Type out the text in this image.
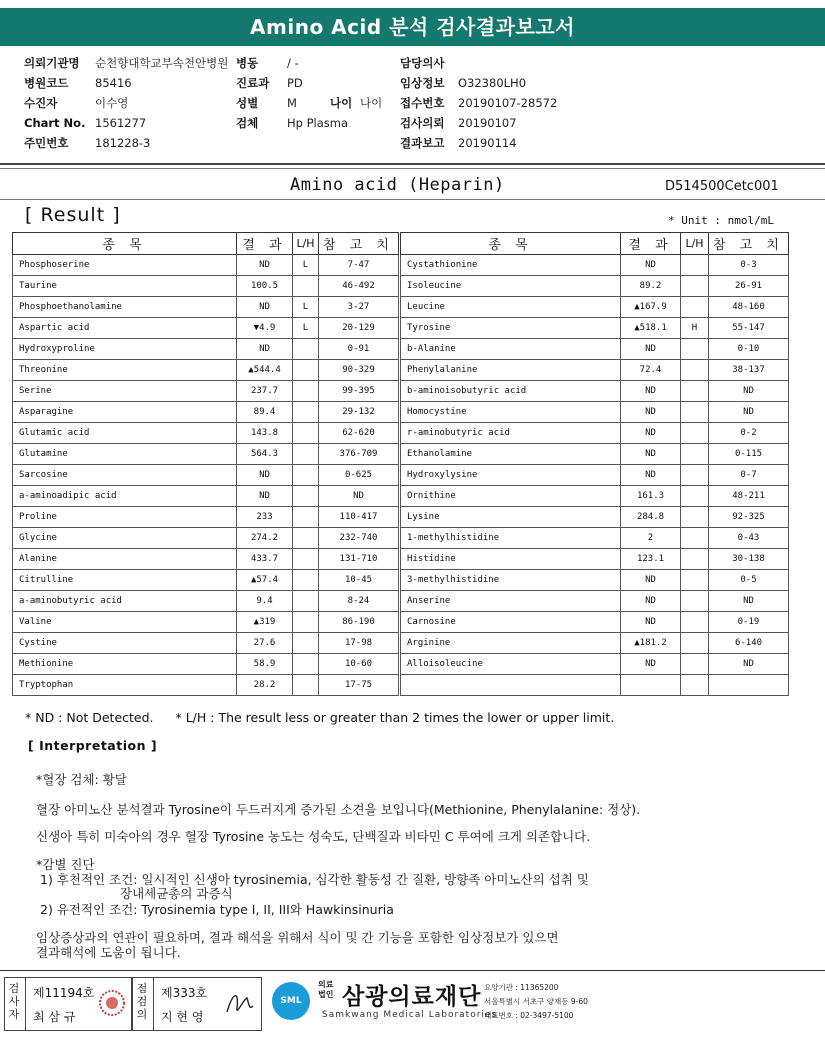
Amino Acid 분석 검사결과보고서
의뢰기관명 순천향대학교부속천안병원 병동	/ -	담당의사
병원코드 85416	진료과 PD	임상정보 O32380LH0
수진자	이수영	성별	M	나이 나이 접수번호 20190107-28572
Chart No. 1561277	검체	Hp Plasma	검사의뢰 20190107
주민번호 181228-3	결과보고 20190114
Amino acid (Heparin)	D514500Cetc001
[ Result ]	* Unit : nmol/mL
종 목	결 과	L/H	참 고 치
Phosphoserine	ND	L	7-47
Taurine	100.5		46-492
Phosphoethanolamine	ND	L	3-27
Aspartic acid	▼4.9	L	20-129
Hydroxyproline	ND		0-91
Threonine	▲544.4		90-329
Serine	237.7		99-395
Asparagine	89.4		29-132
Glutamic acid	143.8		62-620
Glutamine	564.3		376-709
Sarcosine	ND		0-625
a-aminoadipic acid	ND		ND
Proline	233		110-417
Glycine	274.2		232-740
Alanine	433.7		131-710
Citrulline	▲57.4		10-45
a-aminobutyric acid	9.4		8-24
Valine	▲319		86-190
Cystine	27.6		17-98
Methionine	58.9		10-60
Tryptophan	28.2		17-75
종 목	결 과	L/H	참 고 치
Cystathionine	ND		0-3
Isoleucine	89.2		26-91
Leucine	▲167.9		48-160
Tyrosine	▲518.1	H	55-147
b-Alanine	ND		0-10
Phenylalanine	72.4		38-137
b-aminoisobutyric acid	ND		ND
Homocystine	ND		ND
r-aminobutyric acid	ND		0-2
Ethanolamine	ND		0-115
Hydroxylysine	ND		0-7
Ornithine	161.3		48-211
Lysine	284.8		92-325
1-methylhistidine	2		0-43
Histidine	123.1		30-138
3-methylhistidine	ND		0-5
Anserine	ND		ND
Carnosine	ND		0-19
Arginine	▲181.2		6-140
Alloisoleucine	ND		ND

* ND : Not Detected. * L/H : The result less or greater than 2 times the lower or upper limit.
[ Interpretation ]
*혈장 검체: 황달
혈장 아미노산 분석결과 Tyrosine이 두드러지게 증가된 소견을 보입니다(Methionine, Phenylalanine: 정상).
신생아 특히 미숙아의 경우 혈장 Tyrosine 농도는 성숙도, 단백질과 비타민 C 투여에 크게 의존합니다.
*감별 진단
1) 후천적인 조건: 일시적인 신생아 tyrosinemia, 심각한 활동성 간 질환, 방향족 아미노산의 섭취 및
장내세균총의 과증식
2) 유전적인 조건: Tyrosinemia type I, II, III와 Hawkinsinuria
임상증상과의 연관이 필요하며, 결과 해석을 위해서 식이 및 간 기능을 포함한 임상정보가 있으면
결과해석에 도움이 됩니다.
검사자
제11194호
최 삼 규
점검의
제333호
지 현 영
SML
의료법인 삼광의료재단
Samkwang Medical Laboratories
요양기관 : 11365200
서울특별시 서초구 양재동 9-60
대표번호 : 02-3497-5100
